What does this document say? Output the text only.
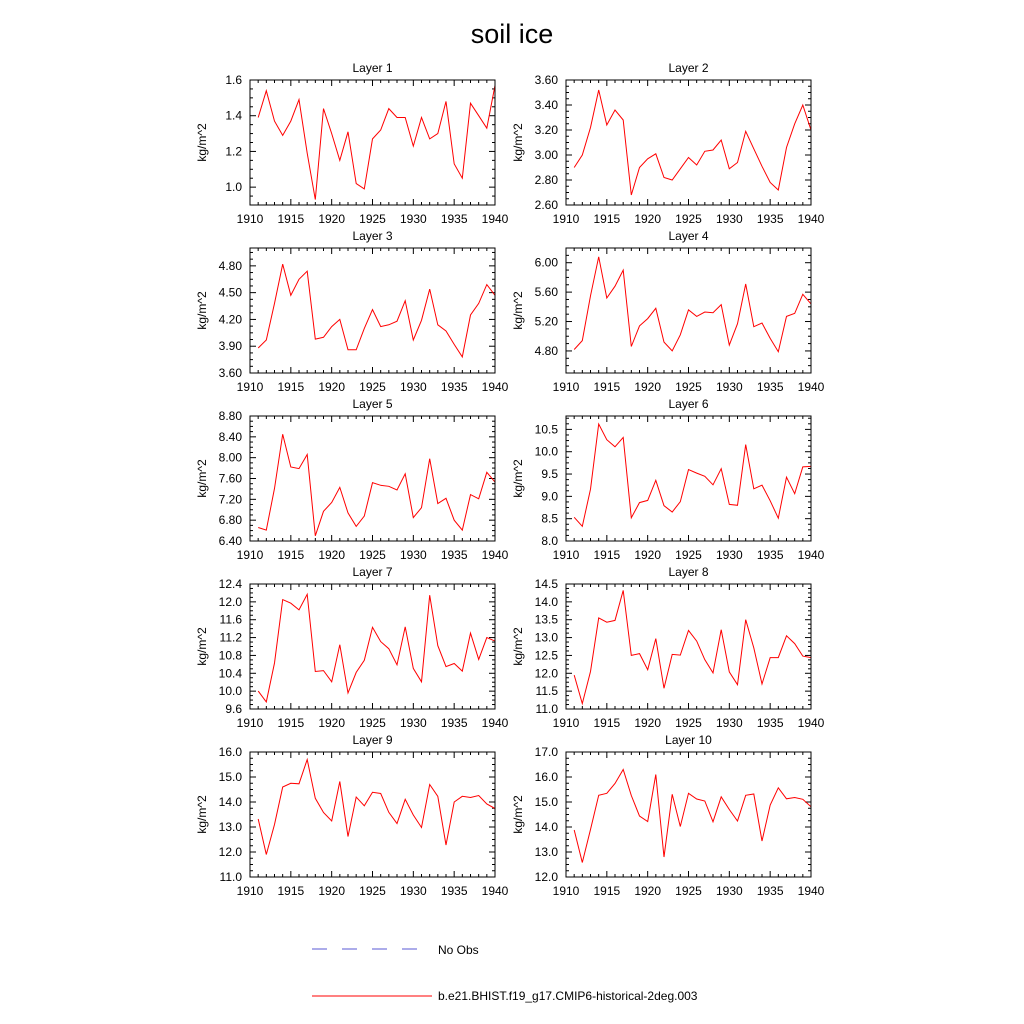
soil ice
Layer 1
kg/m^2
1910 1915 1920 1925 1930 1935 1940
1.0
1.2
1.4
1.6
Layer 2
kg/m^2
1910 1915 1920 1925 1930 1935 1940
2.60
2.80
3.00
3.20
3.40
3.60
Layer 3
kg/m^2
1910 1915 1920 1925 1930 1935 1940
3.60
3.90
4.20
4.50
4.80
Layer 4
kg/m^2
1910 1915 1920 1925 1930 1935 1940
4.80
5.20
5.60
6.00
Layer 5
kg/m^2
1910 1915 1920 1925 1930 1935 1940
6.40
6.80
7.20
7.60
8.00
8.40
8.80
Layer 6
kg/m^2
1910 1915 1920 1925 1930 1935 1940
8.0
8.5
9.0
9.5
10.0
10.5
Layer 7
kg/m^2
1910 1915 1920 1925 1930 1935 1940
9.6
10.0
10.4
10.8
11.2
11.6
12.0
12.4
Layer 8
kg/m^2
1910 1915 1920 1925 1930 1935 1940
11.0
11.5
12.0
12.5
13.0
13.5
14.0
14.5
Layer 9
kg/m^2
1910 1915 1920 1925 1930 1935 1940
11.0
12.0
13.0
14.0
15.0
16.0
Layer 10
kg/m^2
1910 1915 1920 1925 1930 1935 1940
12.0
13.0
14.0
15.0
16.0
17.0
No Obs
b.e21.BHIST.f19_g17.CMIP6-historical-2deg.003
